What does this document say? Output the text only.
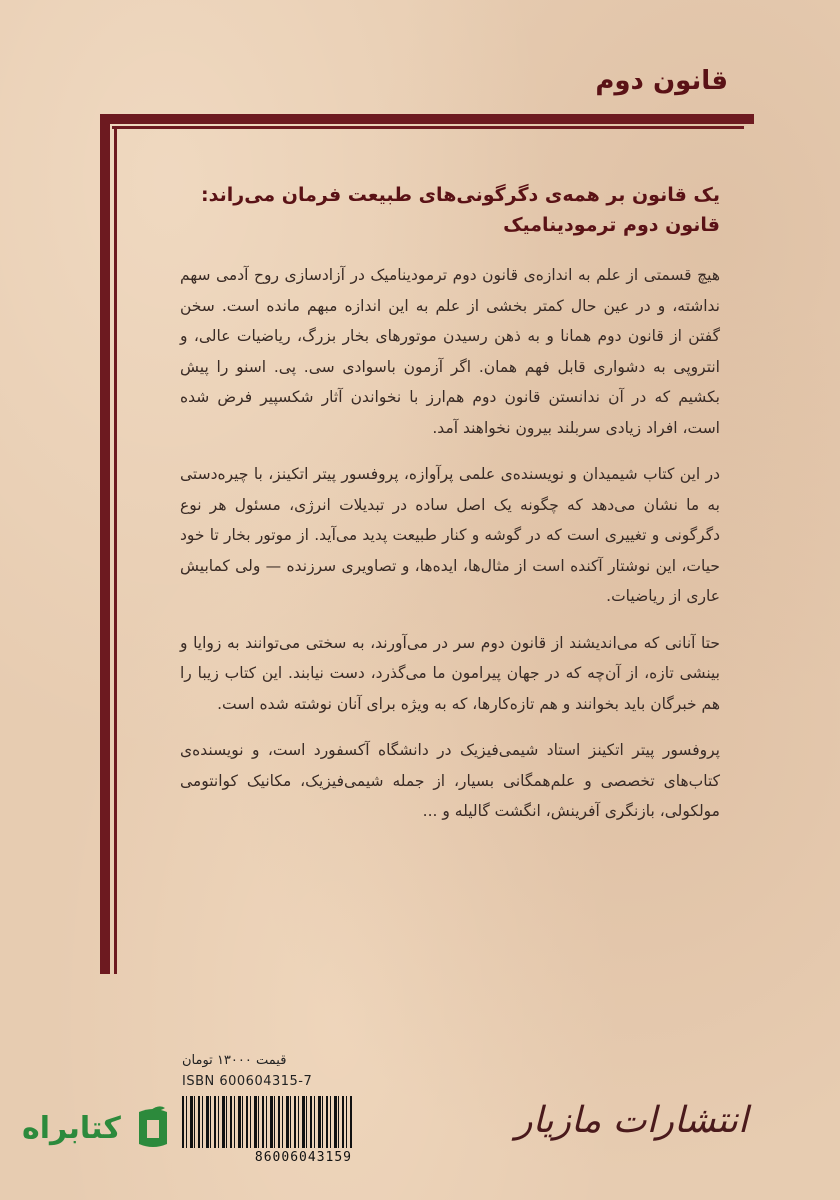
قانون دوم
یک قانون بر همه‌ی دگرگونی‌های طبیعت فرمان می‌راند:
قانون دوم ترمودینامیک

هیچ قسمتی از علم به اندازه‌ی قانون دوم ترمودینامیک در آزادسازی روح آدمی سهم نداشته، و در عین حال کمتر بخشی از علم به این اندازه مبهم مانده است. سخن گفتن از قانون دوم همانا و به ذهن رسیدن موتورهای بخار بزرگ، ریاضیات عالی، و انتروپی به دشواری قابل فهم همان. اگر آزمون باسوادی سی. پی. اسنو را پیش بکشیم که در آن ندانستن قانون دوم هم‌ارز با نخواندن آثار شکسپیر فرض شده است، افراد زیادی سربلند بیرون نخواهند آمد.

در این کتاب شیمیدان و نویسنده‌ی علمی پرآوازه، پروفسور پیتر اتکینز، با چیره‌دستی به ما نشان می‌دهد که چگونه یک اصل ساده در تبدیلات انرژی، مسئول هر نوع دگرگونی و تغییری است که در گوشه و کنار طبیعت پدید می‌آید. از موتور بخار تا خود حیات، این نوشتار آکنده است از مثال‌ها، ایده‌ها، و تصاویری سرزنده — ولی کمابیش عاری از ریاضیات.

حتا آنانی که می‌اندیشند از قانون دوم سر در می‌آورند، به سختی می‌توانند به زوایا و بینشی تازه، از آن‌چه که در جهان پیرامون ما می‌گذرد، دست نیابند. این کتاب زیبا را هم خبرگان باید بخوانند و هم تازه‌کارها، که به ویژه برای آنان نوشته شده است.

پروفسور پیتر اتکینز استاد شیمی‌فیزیک در دانشگاه آکسفورد است، و نویسنده‌ی کتاب‌های تخصصی و علم‌همگانی بسیار، از جمله شیمی‌فیزیک، مکانیک کوانتومی مولکولی، بازنگری آفرینش، انگشت گالیله و ...

قیمت ۱۳۰۰۰ تومان
ISBN 600604315-7
86006043159
کتابراه	انتشارات مازیار
